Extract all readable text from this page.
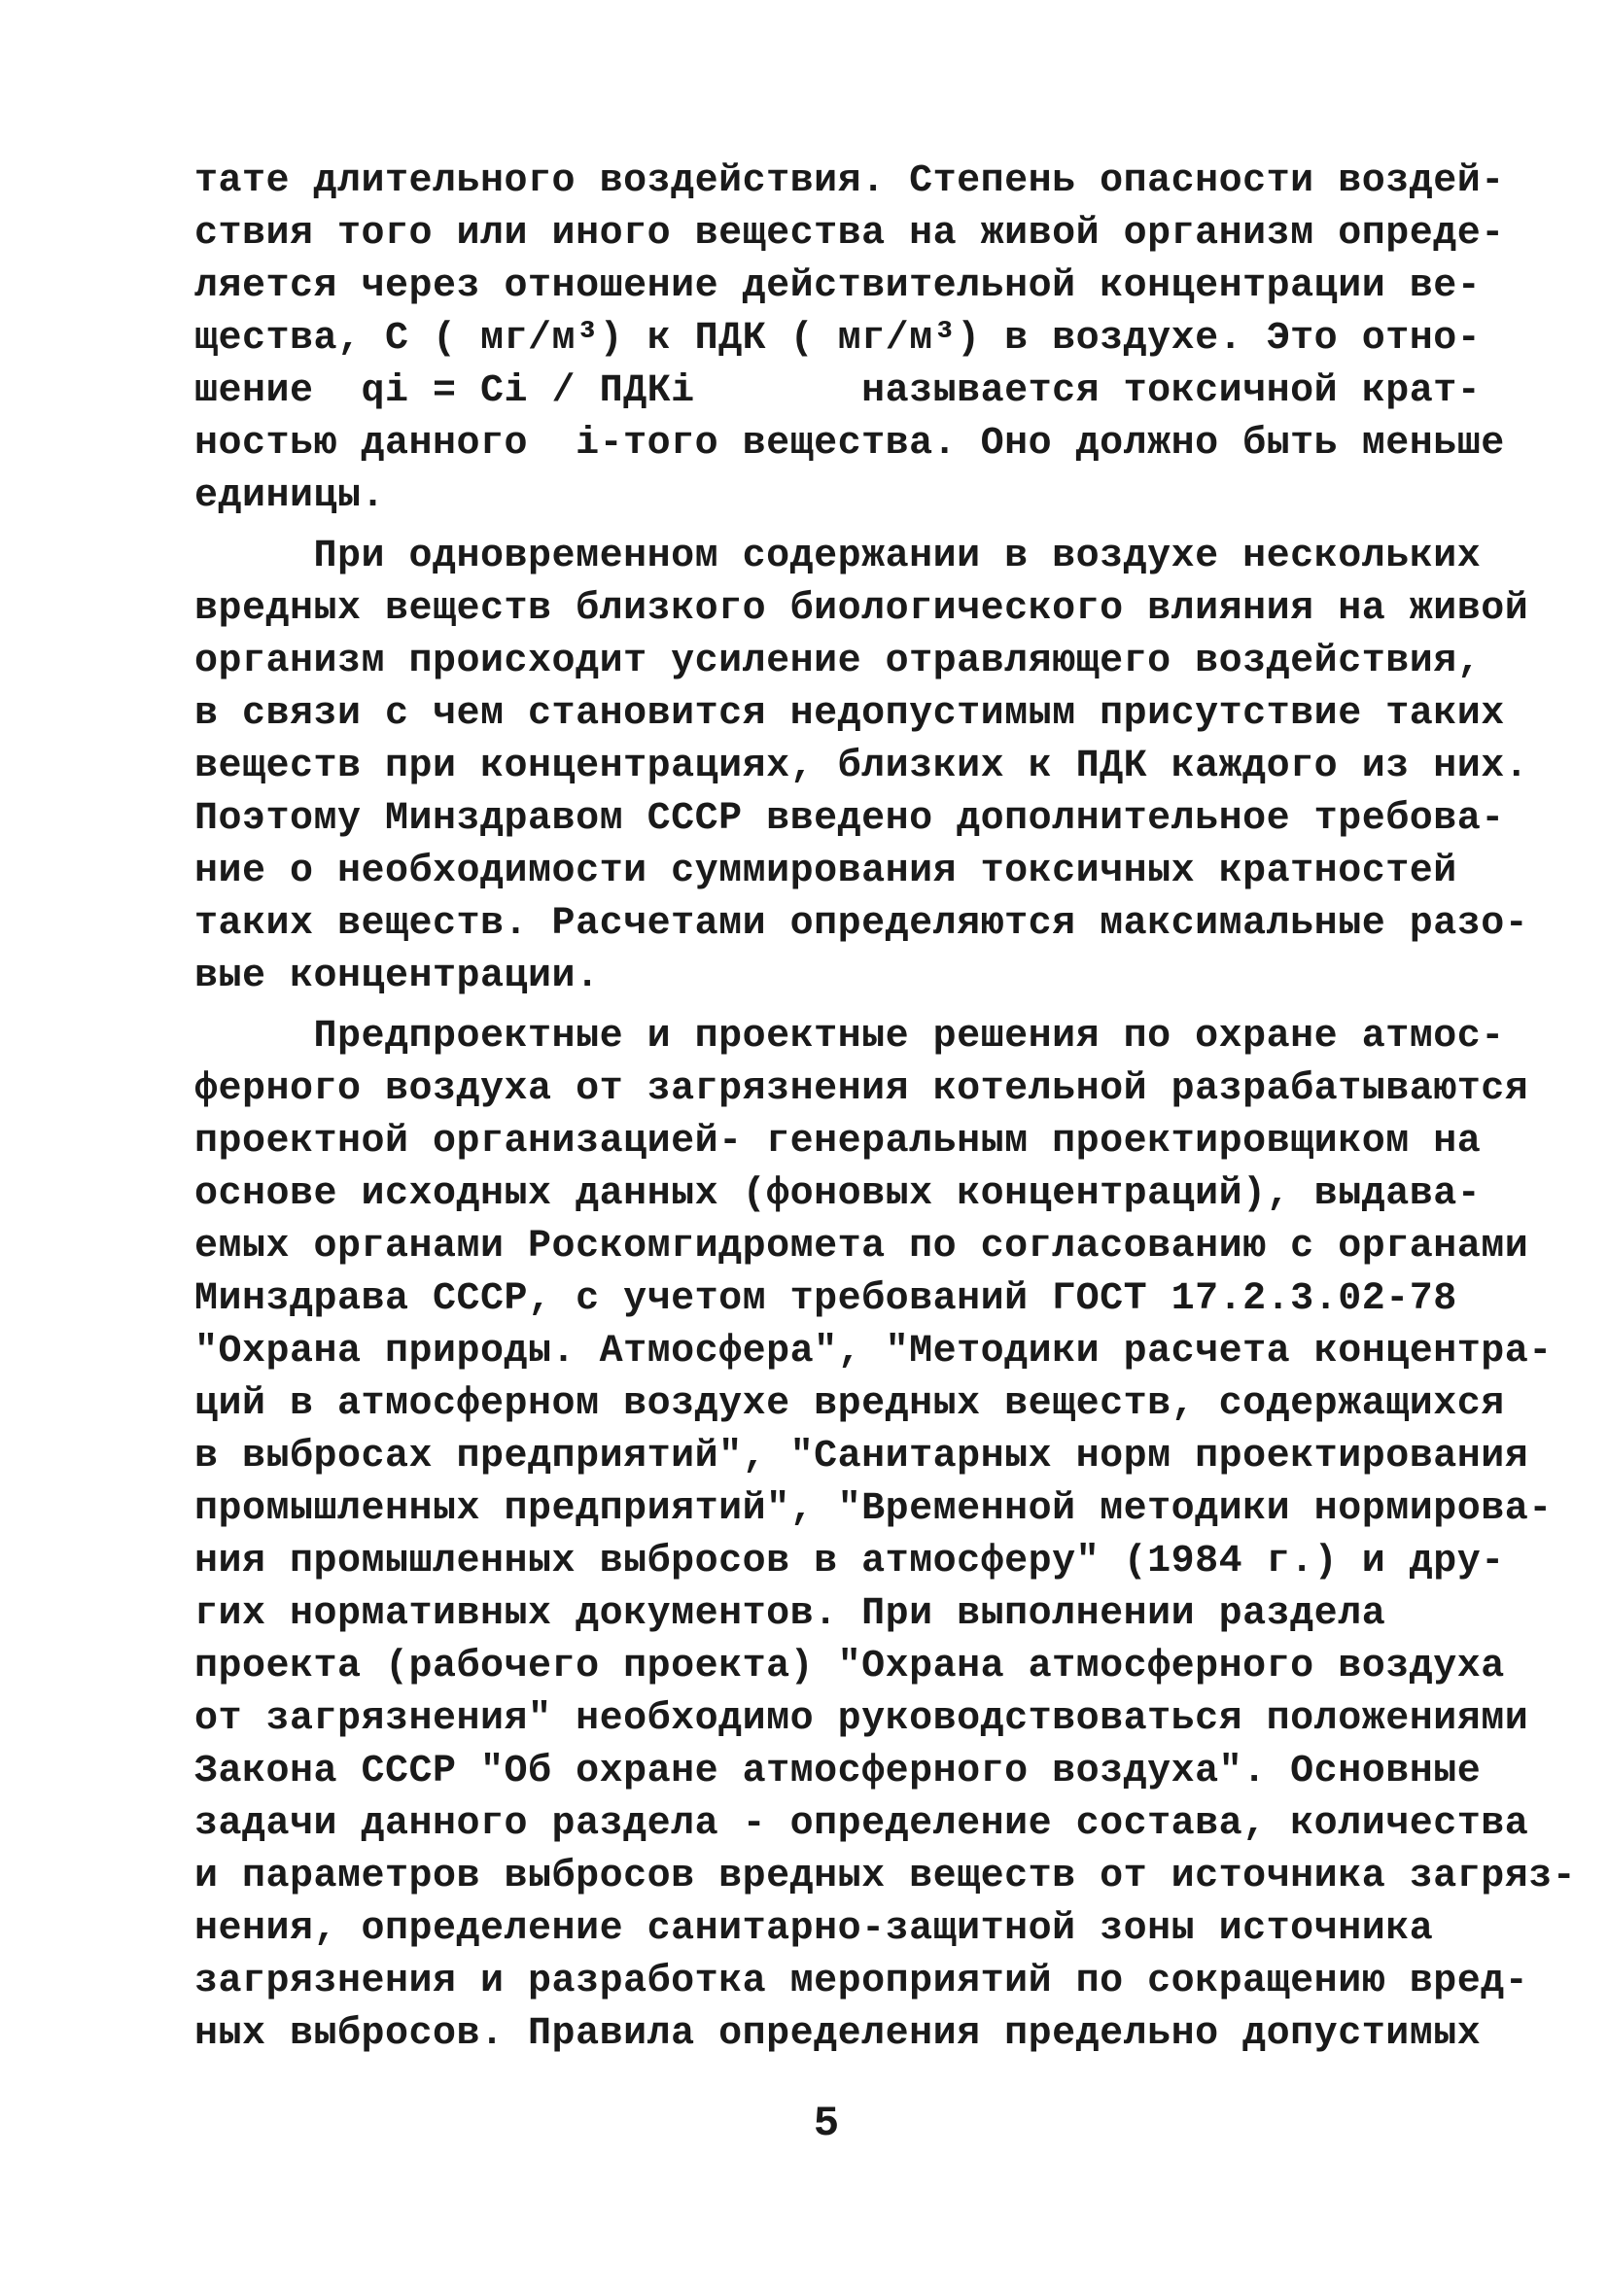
тате длительного воздействия. Степень опасности воздей-
ствия того или иного вещества на живой организм опреде-
ляется через отношение действительной концентрации ве-
щества, С ( мг/м³) к ПДК ( мг/м³) в воздухе. Это отно-
шение  qi = Ci / ПДКi       называется токсичной крат-
ностью данного  i-того вещества. Оно должно быть меньше
единицы.
При одновременном содержании в воздухе нескольких
вредных веществ близкого биологического влияния на живой
организм происходит усиление отравляющего воздействия,
в связи с чем становится недопустимым присутствие таких
веществ при концентрациях, близких к ПДК каждого из них.
Поэтому Минздравом СССР введено дополнительное требова-
ние о необходимости суммирования токсичных кратностей
таких веществ. Расчетами определяются максимальные разо-
вые концентрации.
Предпроектные и проектные решения по охране атмос-
ферного воздуха от загрязнения котельной разрабатываются
проектной организацией- генеральным проектировщиком на
основе исходных данных (фоновых концентраций), выдава-
емых органами Роскомгидромета по согласованию с органами
Минздрава СССР, с учетом требований ГОСТ 17.2.3.02-78
"Охрана природы. Атмосфера", "Методики расчета концентра-
ций в атмосферном воздухе вредных веществ, содержащихся
в выбросах предприятий", "Санитарных норм проектирования
промышленных предприятий", "Временной методики нормирова-
ния промышленных выбросов в атмосферу" (1984 г.) и дру-
гих нормативных документов. При выполнении раздела
проекта (рабочего проекта) "Охрана атмосферного воздуха
от загрязнения" необходимо руководствоваться положениями
Закона СССР "Об охране атмосферного воздуха". Основные
задачи данного раздела - определение состава, количества
и параметров выбросов вредных веществ от источника загряз-
нения, определение санитарно-защитной зоны источника
загрязнения и разработка мероприятий по сокращению вред-
ных выбросов. Правила определения предельно допустимых
5
